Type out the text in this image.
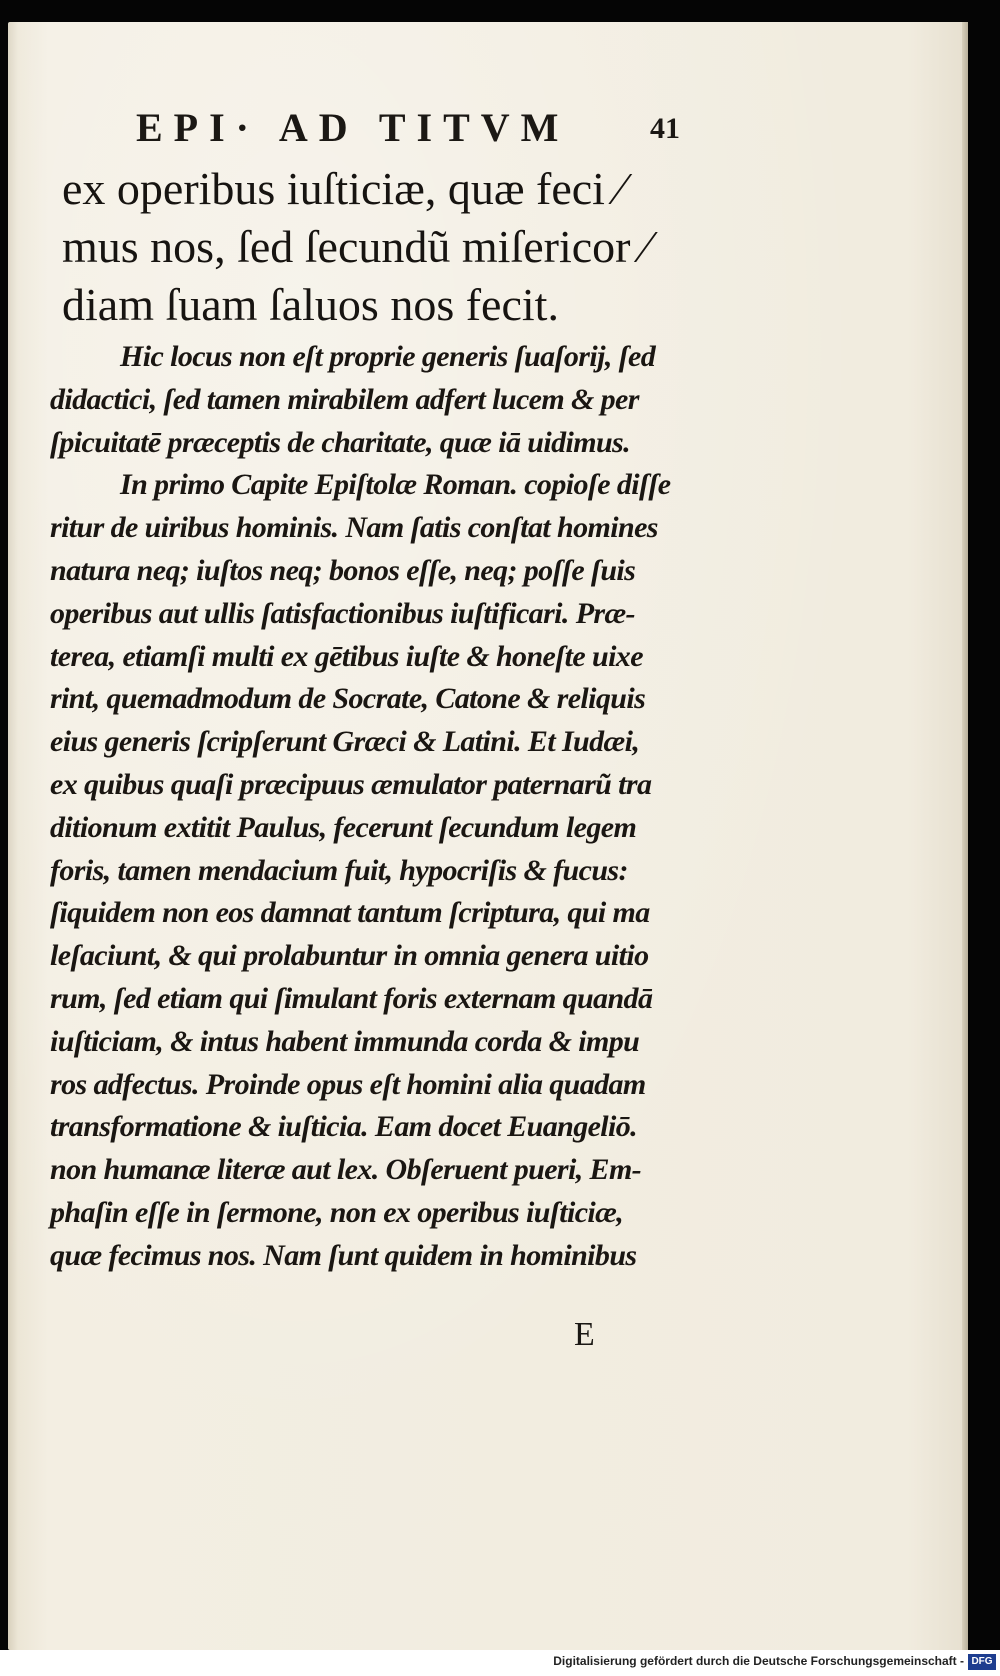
EPI· AD TITVM	41
ex operibus iuſticiæ, quæ feci ⁄
mus nos, ſed ſecundũ miſericor ⁄
diam ſuam ſaluos nos fecit.
Hic locus non eſt proprie generis ſuaſorij, ſed
didactici, ſed tamen mirabilem adfert lucem & per
ſpicuitatē præceptis de charitate, quæ iā uidimus.
In primo Capite Epiſtolæ Roman. copioſe diſſe
ritur de uiribus hominis. Nam ſatis conſtat homines
natura neq; iuſtos neq; bonos eſſe, neq; poſſe ſuis
operibus aut ullis ſatisfactionibus iuſtificari. Præ-
terea, etiamſi multi ex gētibus iuſte & honeſte uixe
rint, quemadmodum de Socrate, Catone & reliquis
eius generis ſcripſerunt Græci & Latini. Et Iudæi,
ex quibus quaſi præcipuus æmulator paternarũ tra
ditionum extitit Paulus, fecerunt ſecundum legem
foris, tamen mendacium fuit, hypocriſis & fucus:
ſiquidem non eos damnat tantum ſcriptura, qui ma
leſaciunt, & qui prolabuntur in omnia genera uitio
rum, ſed etiam qui ſimulant foris externam quandā
iuſticiam, & intus habent immunda corda & impu
ros adfectus. Proinde opus eſt homini alia quadam
transformatione & iuſticia. Eam docet Euangeliō.
non humanæ literæ aut lex. Obſeruent pueri, Em-
phaſin eſſe in ſermone, non ex operibus iuſticiæ,
quæ fecimus nos. Nam ſunt quidem in hominibus
E
Digitalisierung gefördert durch die Deutsche Forschungsgemeinschaft - DFG
